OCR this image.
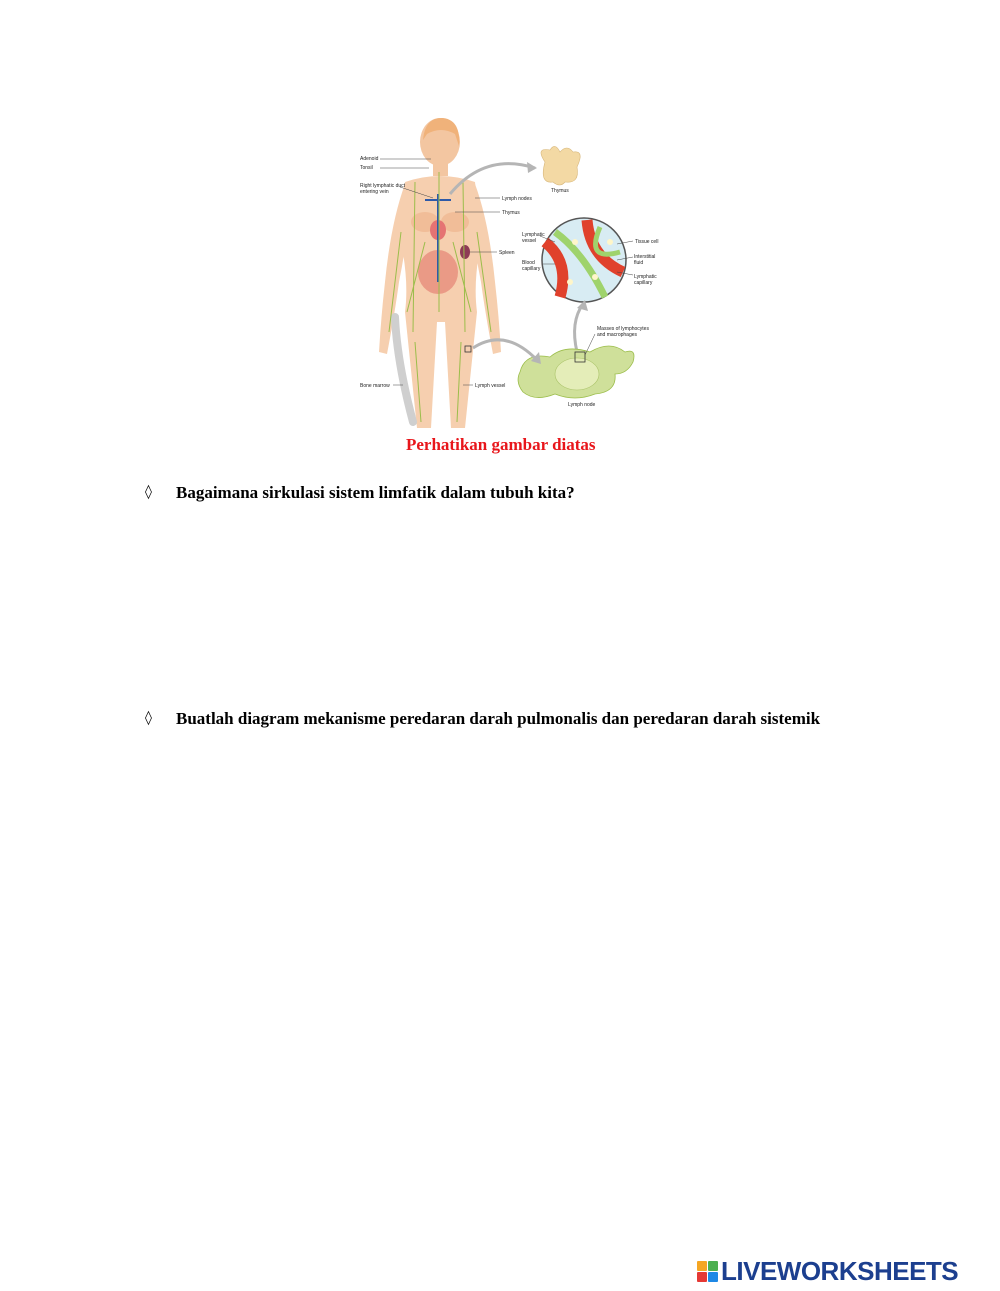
Adenoid
Tonsil
Right lymphatic duct
entering vein
Lymph nodes
Thymus
Spleen
Bone marrow	Lymph vessel
Thymus
Lymphatic
vessel
Blood
capillary
Tissue cell
Interstitial
fluid
Lymphatic
capillary
Masses of lymphocytes
and macrophages
Lymph node
Perhatikan gambar diatas
◊ Bagaimana sirkulasi sistem limfatik dalam tubuh kita?
◊ Buatlah diagram mekanisme peredaran darah pulmonalis dan peredaran darah sistemik
LIVEWORKSHEETS
